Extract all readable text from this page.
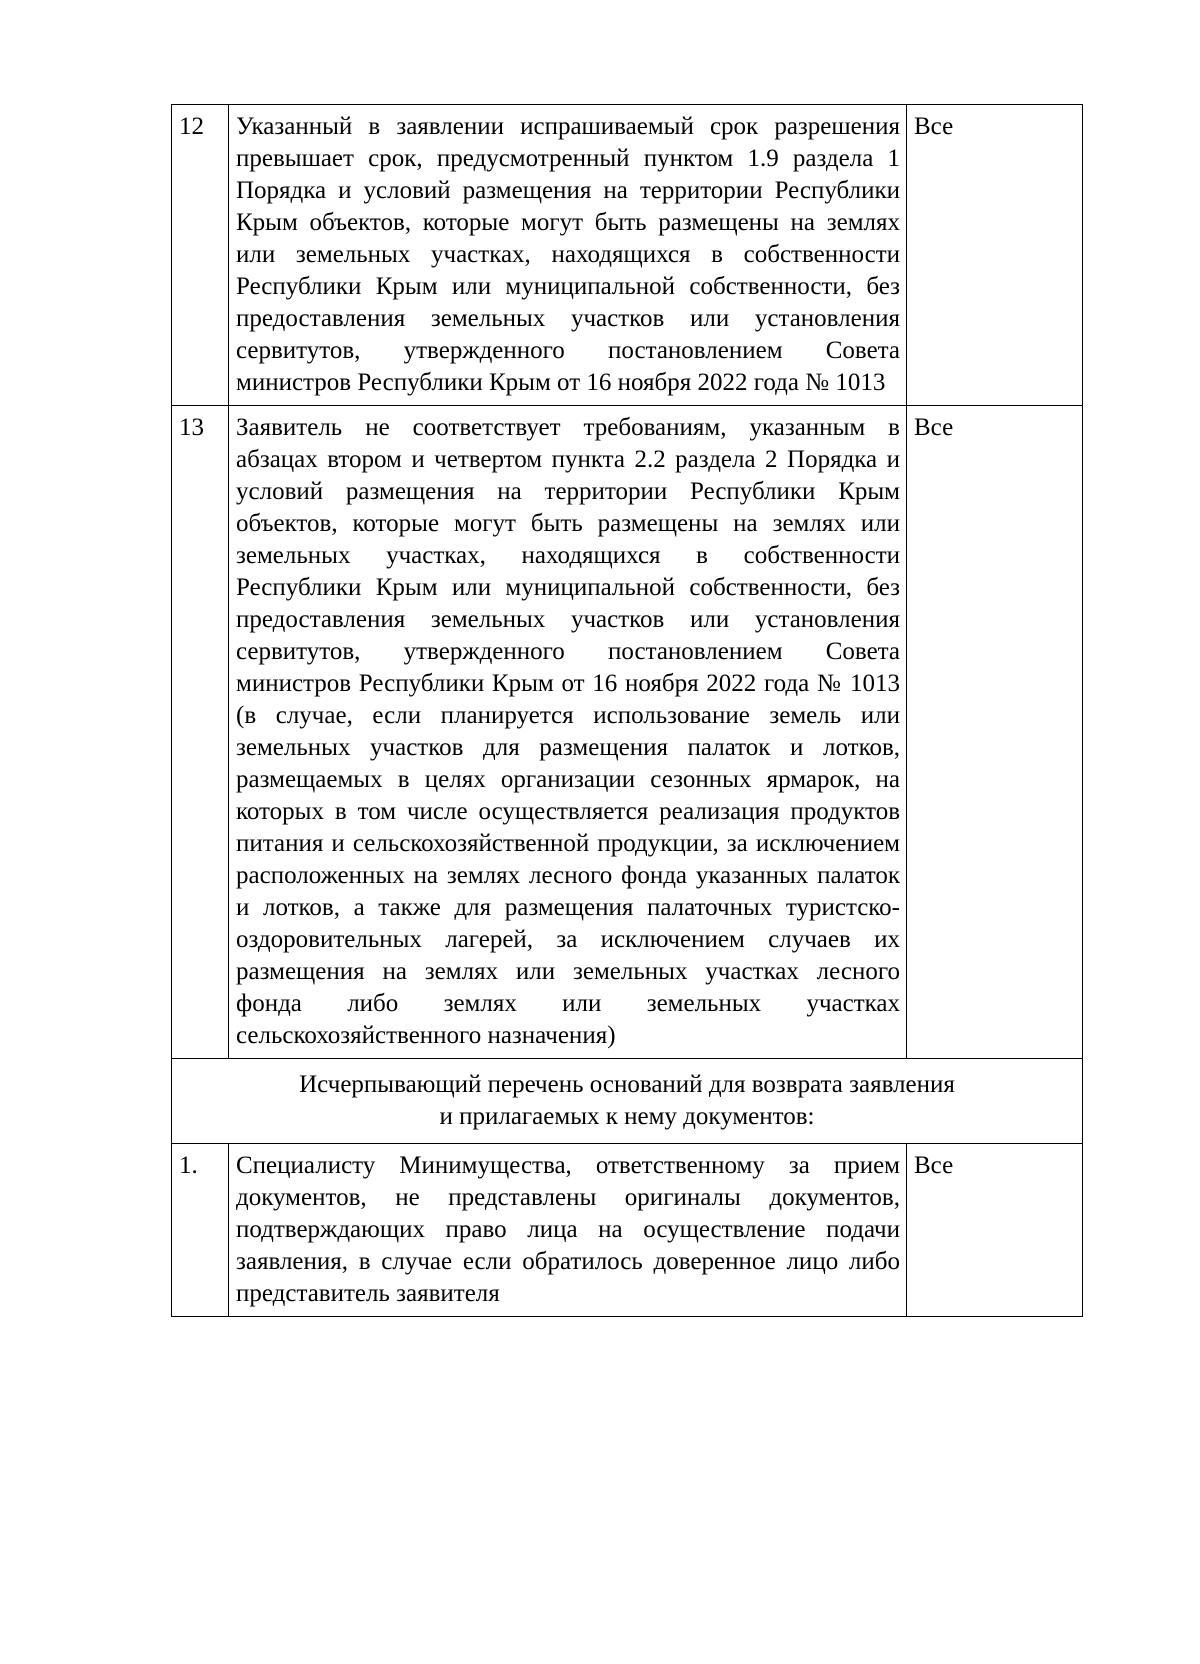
12	Указанный в заявлении испрашиваемый срок разрешения превышает срок, предусмотренный пунктом 1.9 раздела 1 Порядка и условий размещения на территории Республики Крым объектов, которые могут быть размещены на землях или земельных участках, находящихся в собственности Республики Крым или муниципальной собственности, без предоставления земельных участков или установления сервитутов, утвержденного постановлением Совета министров Республики Крым от 16 ноября 2022 года № 1013	Все
13	Заявитель не соответствует требованиям, указанным в абзацах втором и четвертом пункта 2.2 раздела 2 Порядка и условий размещения на территории Республики Крым объектов, которые могут быть размещены на землях или земельных участках, находящихся в собственности Республики Крым или муниципальной собственности, без предоставления земельных участков или установления сервитутов, утвержденного постановлением Совета министров Республики Крым от 16 ноября 2022 года № 1013 (в случае, если планируется использование земель или земельных участков для размещения палаток и лотков, размещаемых в целях организации сезонных ярмарок, на которых в том числе осуществляется реализация продуктов питания и сельскохозяйственной продукции, за исключением расположенных на землях лесного фонда указанных палаток и лотков, а также для размещения палаточных туристско-оздоровительных лагерей, за исключением случаев их размещения на землях или земельных участках лесного фонда либо землях или земельных участках сельскохозяйственного назначения)	Все

Исчерпывающий перечень оснований для возврата заявления
и прилагаемых к нему документов:		

1.	Специалисту Минимущества, ответственному за прием документов, не представлены оригиналы документов, подтверждающих право лица на осуществление подачи заявления, в случае если обратилось доверенное лицо либо представитель заявителя	Все
